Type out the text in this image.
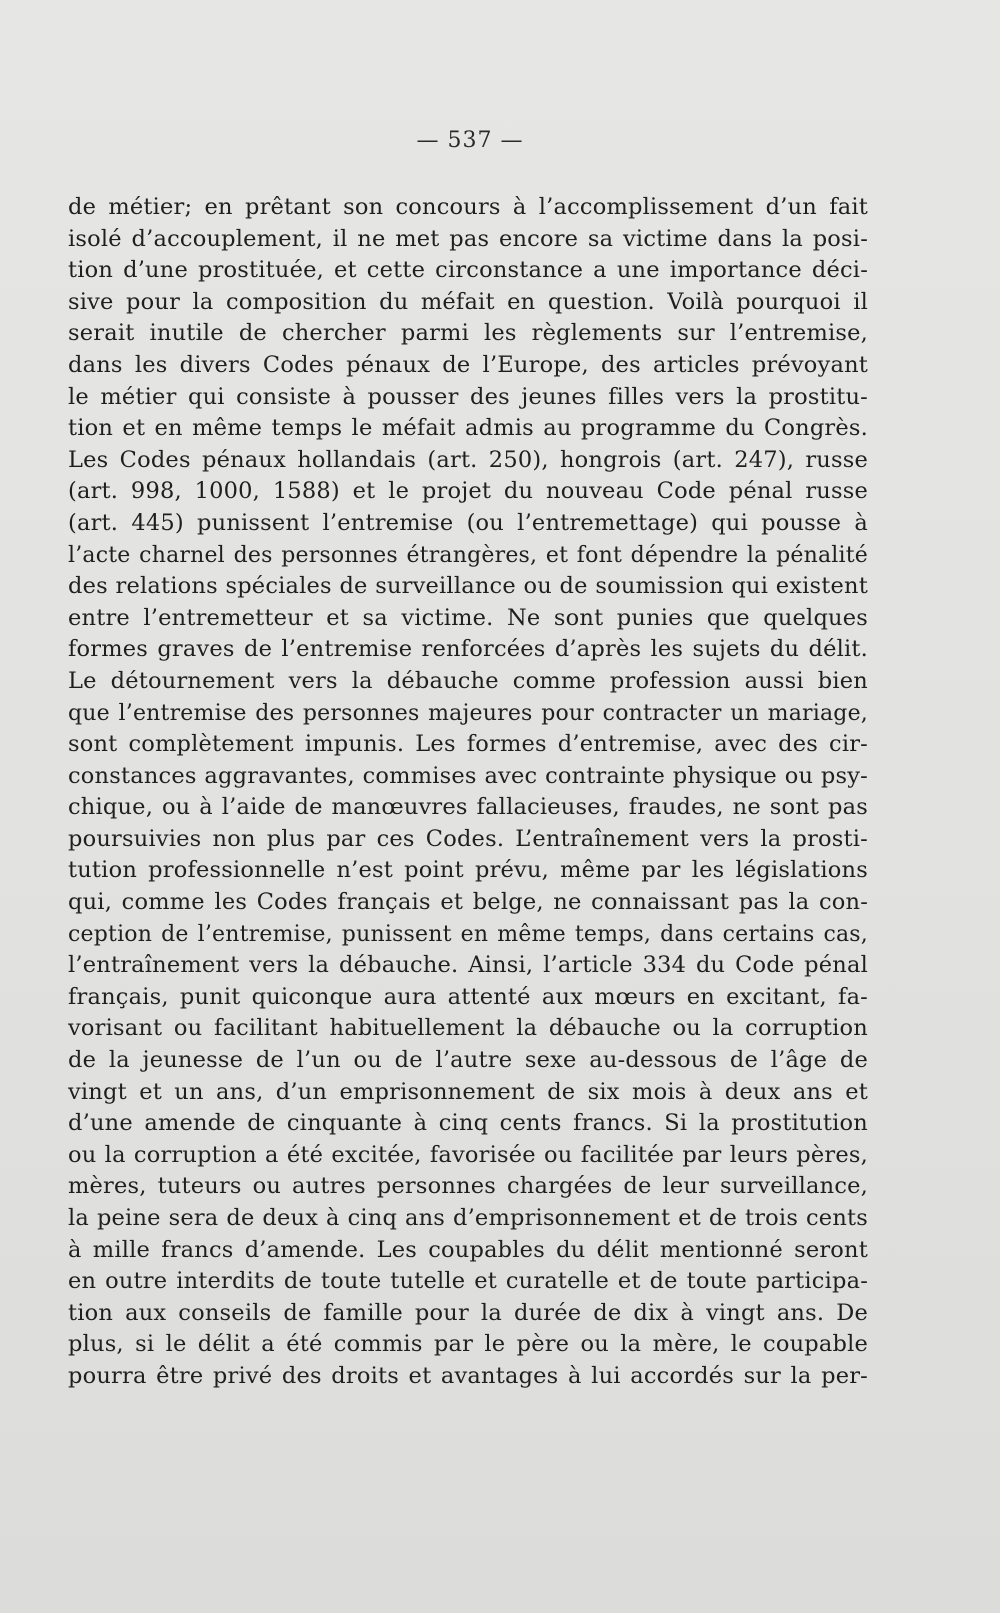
— 537 —
de métier; en prêtant son concours à l’accomplissement d’un fait
isolé d’accouplement, il ne met pas encore sa victime dans la posi-
tion d’une prostituée, et cette circonstance a une importance déci-
sive pour la composition du méfait en question. Voilà pourquoi il
serait inutile de chercher parmi les règlements sur l’entremise,
dans les divers Codes pénaux de l’Europe, des articles prévoyant
le métier qui consiste à pousser des jeunes filles vers la prostitu-
tion et en même temps le méfait admis au programme du Congrès.
Les Codes pénaux hollandais (art. 250), hongrois (art. 247), russe
(art. 998, 1000, 1588) et le projet du nouveau Code pénal russe
(art. 445) punissent l’entremise (ou l’entremettage) qui pousse à
l’acte charnel des personnes étrangères, et font dépendre la pénalité
des relations spéciales de surveillance ou de soumission qui existent
entre l’entremetteur et sa victime. Ne sont punies que quelques
formes graves de l’entremise renforcées d’après les sujets du délit.
Le détournement vers la débauche comme profession aussi bien
que l’entremise des personnes majeures pour contracter un mariage,
sont complètement impunis. Les formes d’entremise, avec des cir-
constances aggravantes, commises avec contrainte physique ou psy-
chique, ou à l’aide de manœuvres fallacieuses, fraudes, ne sont pas
poursuivies non plus par ces Codes. L’entraînement vers la prosti-
tution professionnelle n’est point prévu, même par les législations
qui, comme les Codes français et belge, ne connaissant pas la con-
ception de l’entremise, punissent en même temps, dans certains cas,
l’entraînement vers la débauche. Ainsi, l’article 334 du Code pénal
français, punit quiconque aura attenté aux mœurs en excitant, fa-
vorisant ou facilitant habituellement la débauche ou la corruption
de la jeunesse de l’un ou de l’autre sexe au-dessous de l’âge de
vingt et un ans, d’un emprisonnement de six mois à deux ans et
d’une amende de cinquante à cinq cents francs. Si la prostitution
ou la corruption a été excitée, favorisée ou facilitée par leurs pères,
mères, tuteurs ou autres personnes chargées de leur surveillance,
la peine sera de deux à cinq ans d’emprisonnement et de trois cents
à mille francs d’amende. Les coupables du délit mentionné seront
en outre interdits de toute tutelle et curatelle et de toute participa-
tion aux conseils de famille pour la durée de dix à vingt ans. De
plus, si le délit a été commis par le père ou la mère, le coupable
pourra être privé des droits et avantages à lui accordés sur la per-
